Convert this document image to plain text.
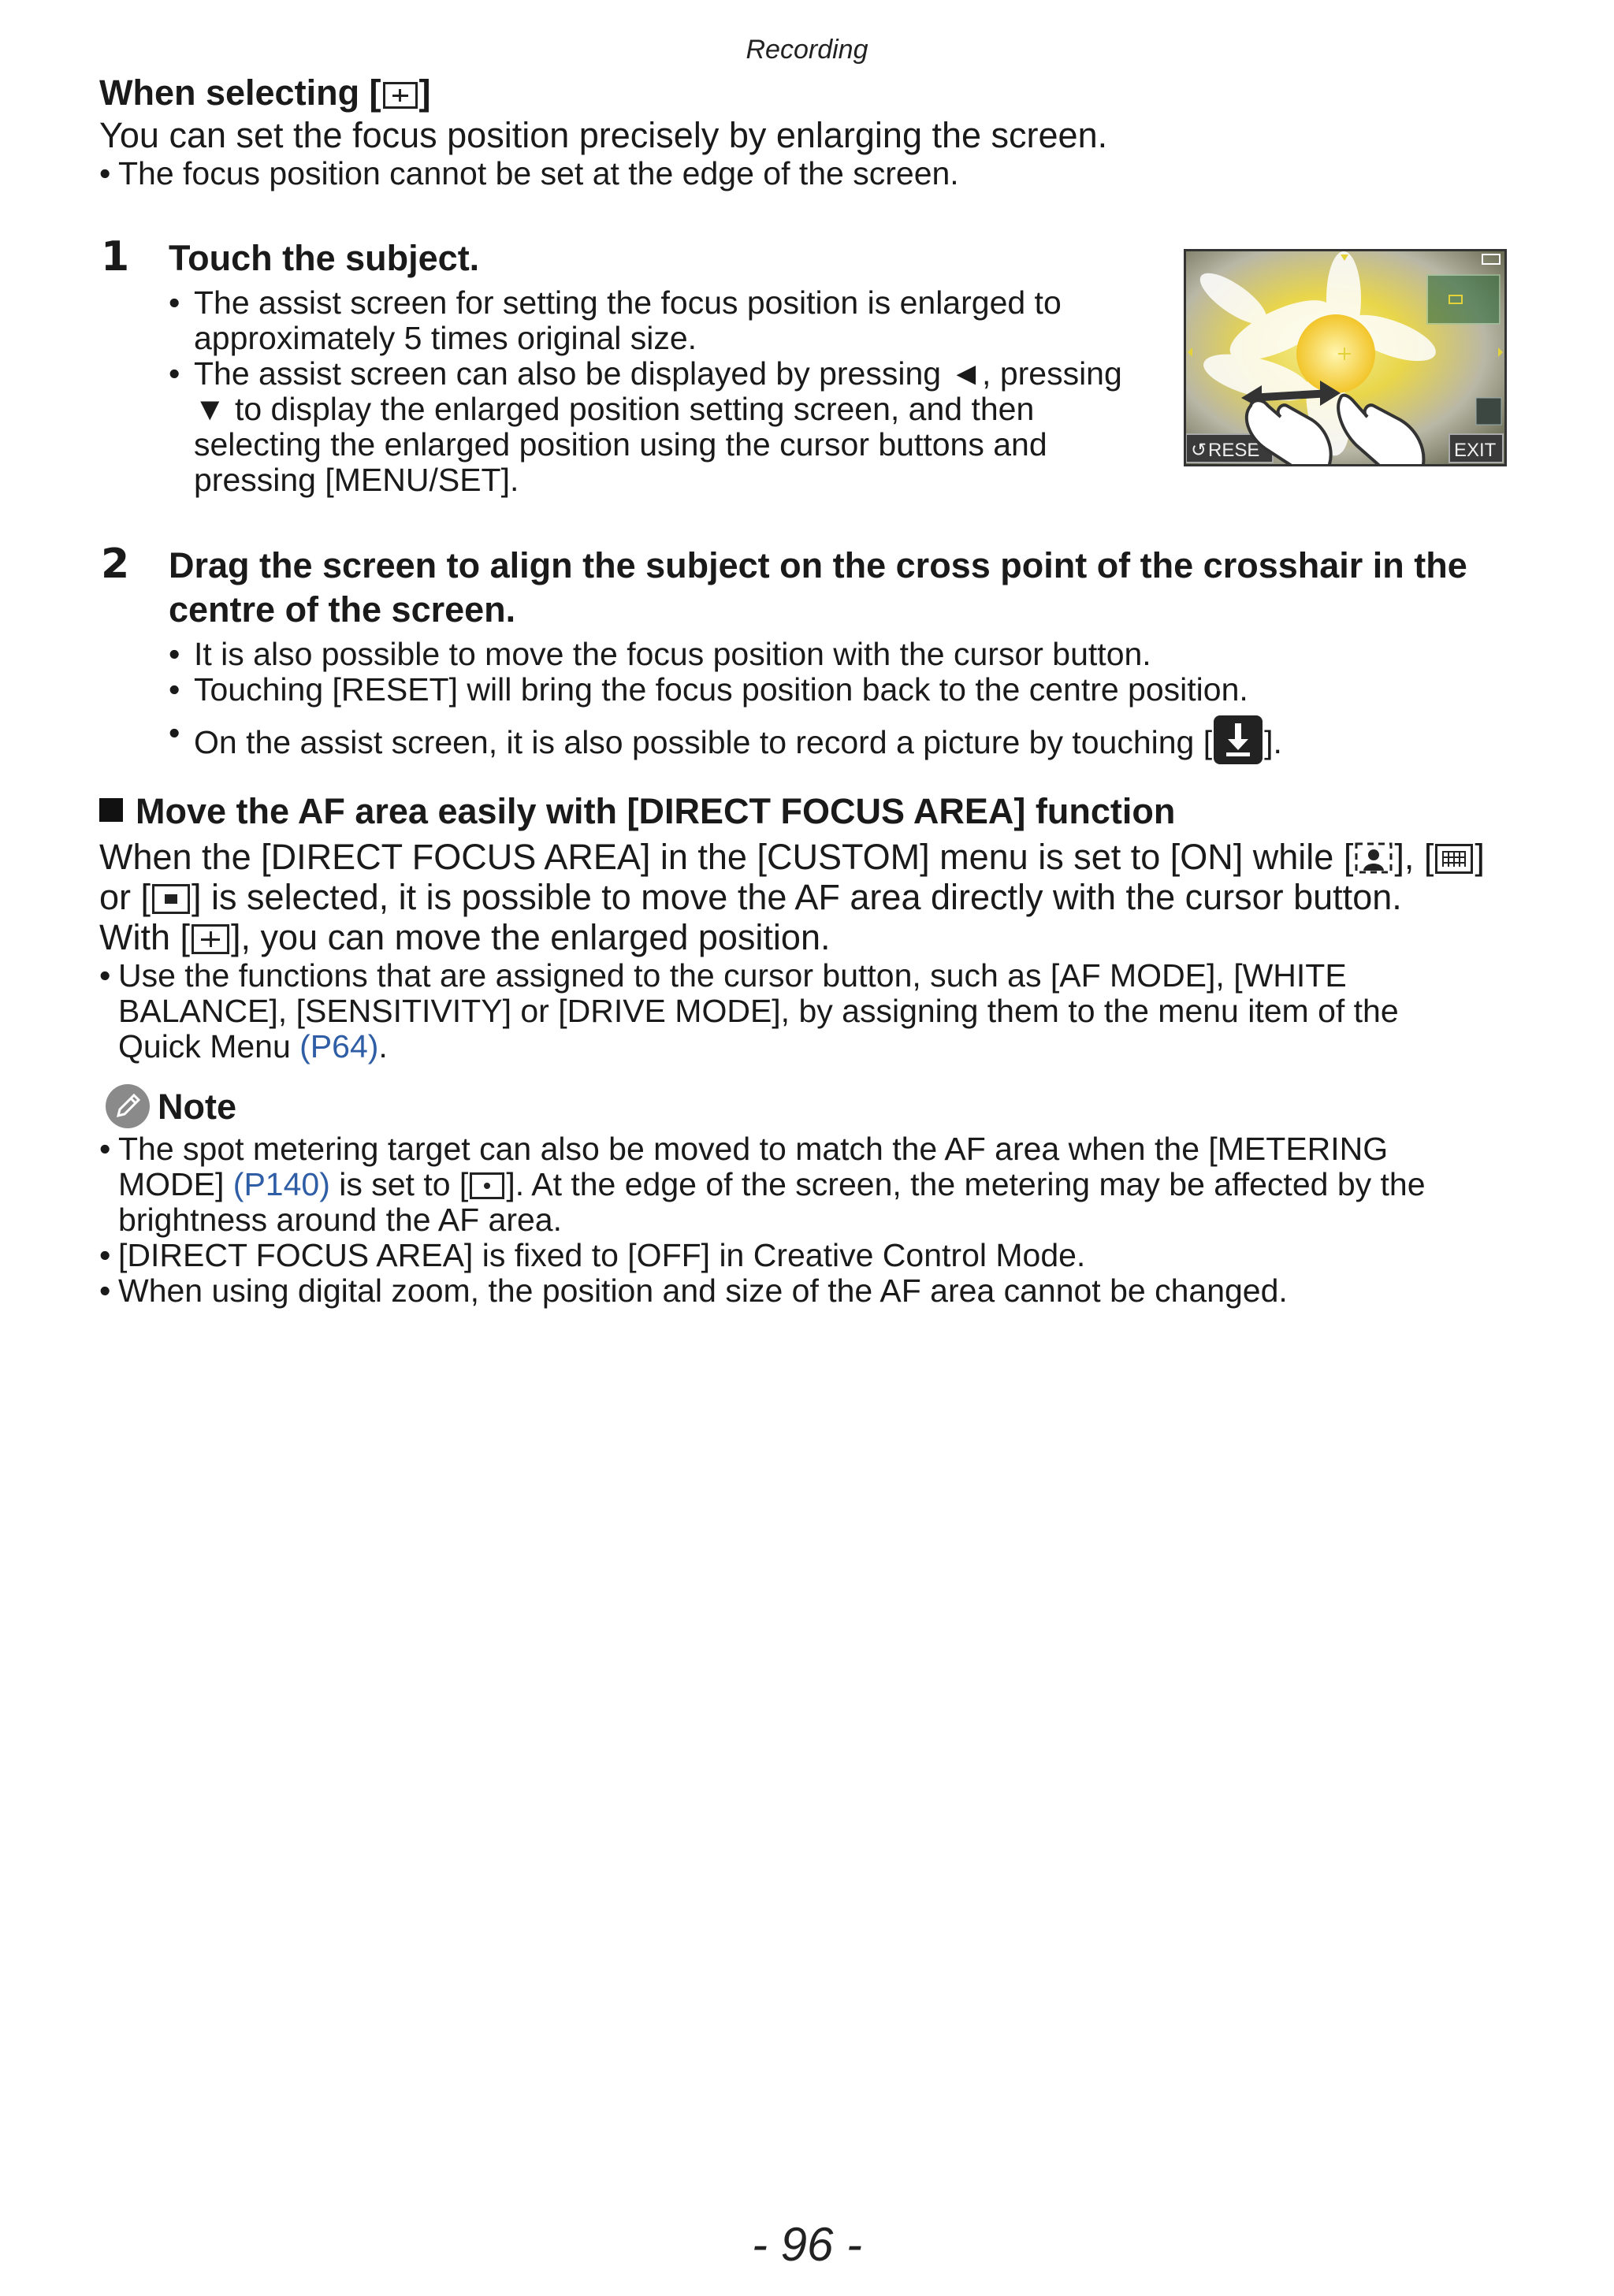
Recording
When selecting [ ]
You can set the focus position precisely by enlarging the screen.
• The focus position cannot be set at the edge of the screen.
1 Touch the subject.
• The assist screen for setting the focus position is enlarged to approximately 5 times original size.
• The assist screen can also be displayed by pressing ◄, pressing ▼ to display the enlarged position setting screen, and then selecting the enlarged position using the cursor buttons and pressing [MENU/SET].
↺ RESE	EXIT
2 Drag the screen to align the subject on the cross point of the crosshair in the
centre of the screen.
• It is also possible to move the focus position with the cursor button.
• Touching [RESET] will bring the focus position back to the centre position.
• On the assist screen, it is also possible to record a picture by touching [ ].
Move the AF area easily with [DIRECT FOCUS AREA] function
When the [DIRECT FOCUS AREA] in the [CUSTOM] menu is set to [ON] while [ ], [ ]
or [ ] is selected, it is possible to move the AF area directly with the cursor button.
With [ ], you can move the enlarged position.
• Use the functions that are assigned to the cursor button, such as [AF MODE], [WHITE BALANCE], [SENSITIVITY] or [DRIVE MODE], by assigning them to the menu item of the Quick Menu (P64).
Note
• The spot metering target can also be moved to match the AF area when the [METERING MODE] (P140) is set to [ ]. At the edge of the screen, the metering may be affected by the brightness around the AF area.
• [DIRECT FOCUS AREA] is fixed to [OFF] in Creative Control Mode.
• When using digital zoom, the position and size of the AF area cannot be changed.
- 96 -
